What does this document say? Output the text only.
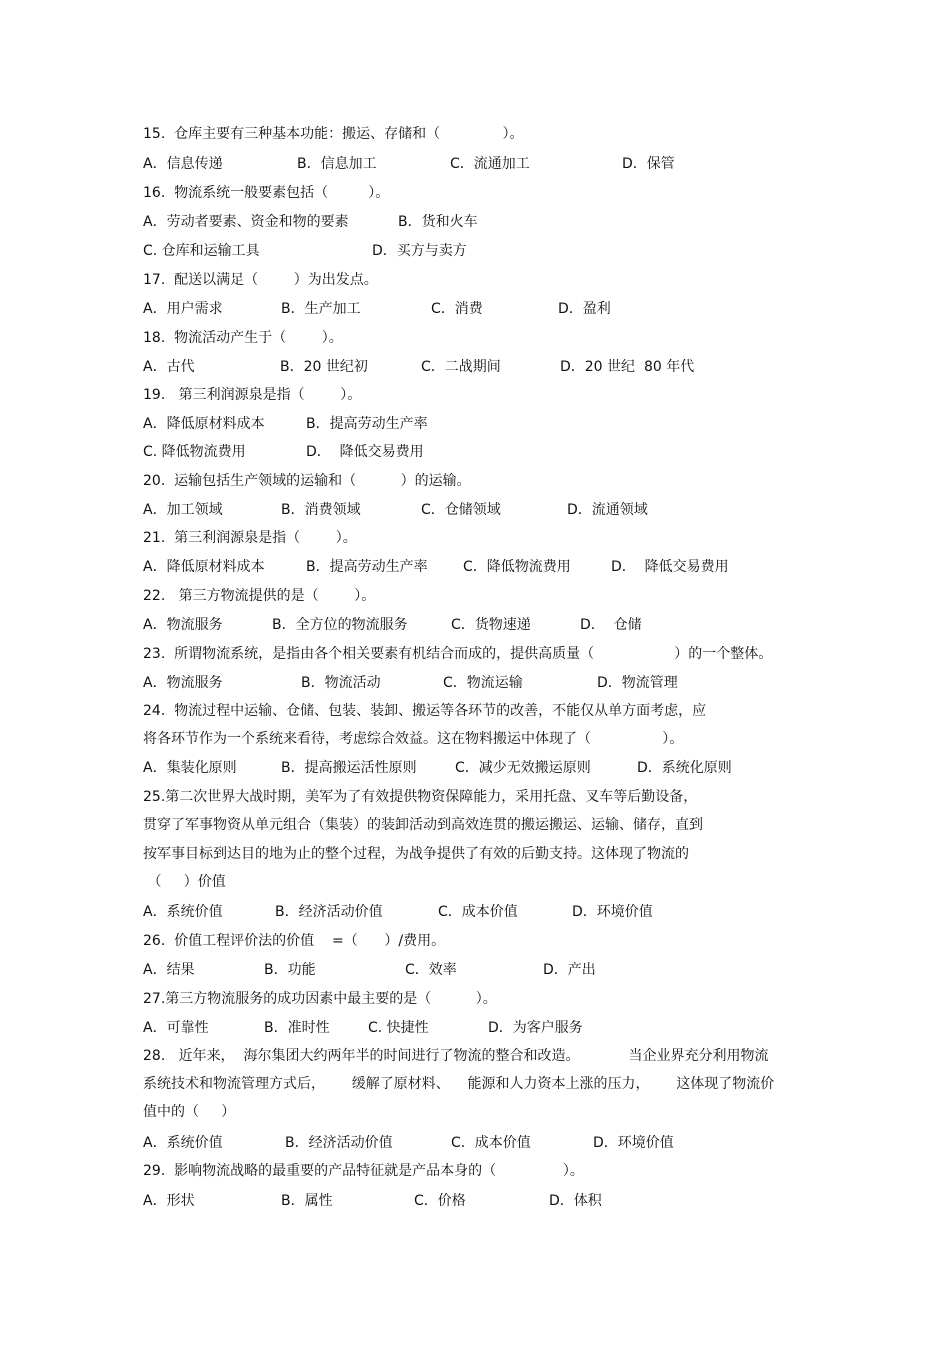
15.  仓库主要有三种基本功能：搬运、存储和（              ）。
A．信息传递	B．信息加工	C．流通加工	D．保管
16.  物流系统一般要素包括（         ）。
A．劳动者要素、资金和物的要素	B．货和火车
C. 仓库和运输工具	D．买方与卖方
17.  配送以满足（        ）为出发点。
A．用户需求	B．生产加工	C．消费	D．盈利
18.  物流活动产生于（        ）。
A．古代	B．20 世纪初	C．二战期间	D．20 世纪  80 年代
19.   第三利润源泉是指（        ）。
A．降低原材料成本	B．提高劳动生产率
C. 降低物流费用	D．  降低交易费用
20.  运输包括生产领域的运输和（          ）的运输。
A．加工领域	B．消费领域	C．仓储领域	D．流通领域
21.  第三利润源泉是指（        ）。
A．降低原材料成本	B．提高劳动生产率	C．降低物流费用	D．  降低交易费用
22.   第三方物流提供的是（        ）。
A．物流服务	B．全方位的物流服务	C．货物速递	D．  仓储
23.  所谓物流系统，是指由各个相关要素有机结合而成的，提供高质量（                  ）的一个整体。
A．物流服务	B．物流活动	C．物流运输	D．物流管理
24.  物流过程中运输、仓储、包装、装卸、搬运等各环节的改善，不能仅从单方面考虑，应
将各环节作为一个系统来看待，考虑综合效益。这在物料搬运中体现了（                ）。
A．集装化原则	B．提高搬运活性原则	C．减少无效搬运原则	D．系统化原则
25.第二次世界大战时期，美军为了有效提供物资保障能力，采用托盘、叉车等后勤设备，
贯穿了军事物资从单元组合（集装）的装卸活动到高效连贯的搬运搬运、运输、储存，直到
按军事目标到达目的地为止的整个过程，为战争提供了有效的后勤支持。这体现了物流的
（     ）价值
A．系统价值	B．经济活动价值	C．成本价值	D．环境价值
26.  价值工程评价法的价值    =（      ）/费用。
A．结果	B．功能	C．效率	D．产出
27.第三方物流服务的成功因素中最主要的是（          ）。
A．可靠性	B．准时性	C. 快捷性	D．为客户服务
28.   近年来，  海尔集团大约两年半的时间进行了物流的整合和改造。           当企业界充分利用物流
系统技术和物流管理方式后，      缓解了原材料、    能源和人力资本上涨的压力，      这体现了物流价
值中的（     ）
A．系统价值	B．经济活动价值	C．成本价值	D．环境价值
29.  影响物流战略的最重要的产品特征就是产品本身的（               ）。
A．形状	B．属性	C．价格	D．体积
